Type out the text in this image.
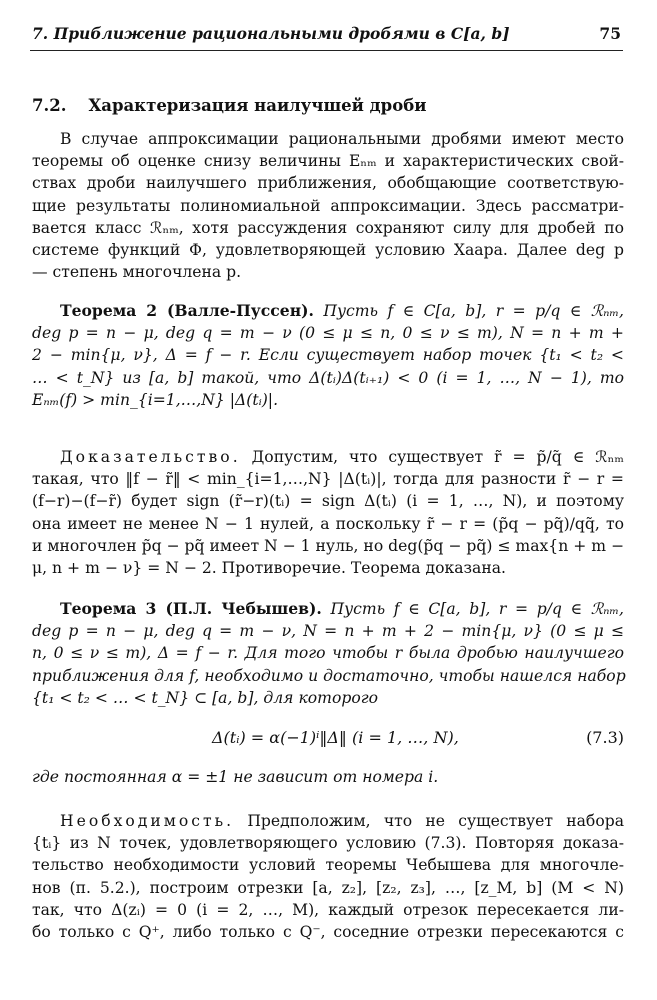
7. Приближение рациональными дробями в C[a, b]	75
7.2. Характеризация наилучшей дроби
В случае аппроксимации рациональными дробями имеют место
теоремы об оценке снизу величины Eₙₘ и характеристических свой-
ствах дроби наилучшего приближения, обобщающие соответствую-
щие результаты полиномиальной аппроксимации. Здесь рассматри-
вается класс ℛₙₘ, хотя рассуждения сохраняют силу для дробей по
системе функций Φ, удовлетворяющей условию Хаара. Далее deg p
— степень многочлена p.
Теорема 2 (Валле-Пуссен). Пусть f ∈ C[a, b], r = p/q ∈ ℛₙₘ,
deg p = n − μ, deg q = m − ν (0 ≤ μ ≤ n, 0 ≤ ν ≤ m), N = n + m +
2 − min{μ, ν}, Δ = f − r. Если существует набор точек {t₁ < t₂ <
… < t_N} из [a, b] такой, что Δ(tᵢ)Δ(tᵢ₊₁) < 0 (i = 1, …, N − 1), то
Eₙₘ(f) > min_{i=1,…,N} |Δ(tᵢ)|.
Доказательство. Допустим, что существует r̃ = p̃/q̃ ∈ ℛₙₘ
такая, что ‖f − r̃‖ < min_{i=1,…,N} |Δ(tᵢ)|, тогда для разности r̃ − r =
(f−r)−(f−r̃) будет sign (r̃−r)(tᵢ) = sign Δ(tᵢ) (i = 1, …, N), и поэтому
она имеет не менее N − 1 нулей, а поскольку r̃ − r = (p̃q − pq̃)/qq̃, то
и многочлен p̃q − pq̃ имеет N − 1 нуль, но deg(p̃q − pq̃) ≤ max{n + m −
μ, n + m − ν} = N − 2. Противоречие. Теорема доказана.
Теорема 3 (П.Л. Чебышев). Пусть f ∈ C[a, b], r = p/q ∈ ℛₙₘ,
deg p = n − μ, deg q = m − ν, N = n + m + 2 − min{μ, ν} (0 ≤ μ ≤
n, 0 ≤ ν ≤ m), Δ = f − r. Для того чтобы r была дробью наилучшего
приближения для f, необходимо и достаточно, чтобы нашелся набор
{t₁ < t₂ < … < t_N} ⊂ [a, b], для которого
Δ(tᵢ) = α(−1)ⁱ‖Δ‖ (i = 1, …, N),	(7.3)
где постоянная α = ±1 не зависит от номера i.
Необходимость. Предположим, что не существует набора
{tᵢ} из N точек, удовлетворяющего условию (7.3). Повторяя доказа-
тельство необходимости условий теоремы Чебышева для многочле-
нов (п. 5.2.), построим отрезки [a, z₂], [z₂, z₃], …, [z_M, b] (M < N)
так, что Δ(zᵢ) = 0 (i = 2, …, M), каждый отрезок пересекается ли-
бо только с Q⁺, либо только с Q⁻, соседние отрезки пересекаются с
